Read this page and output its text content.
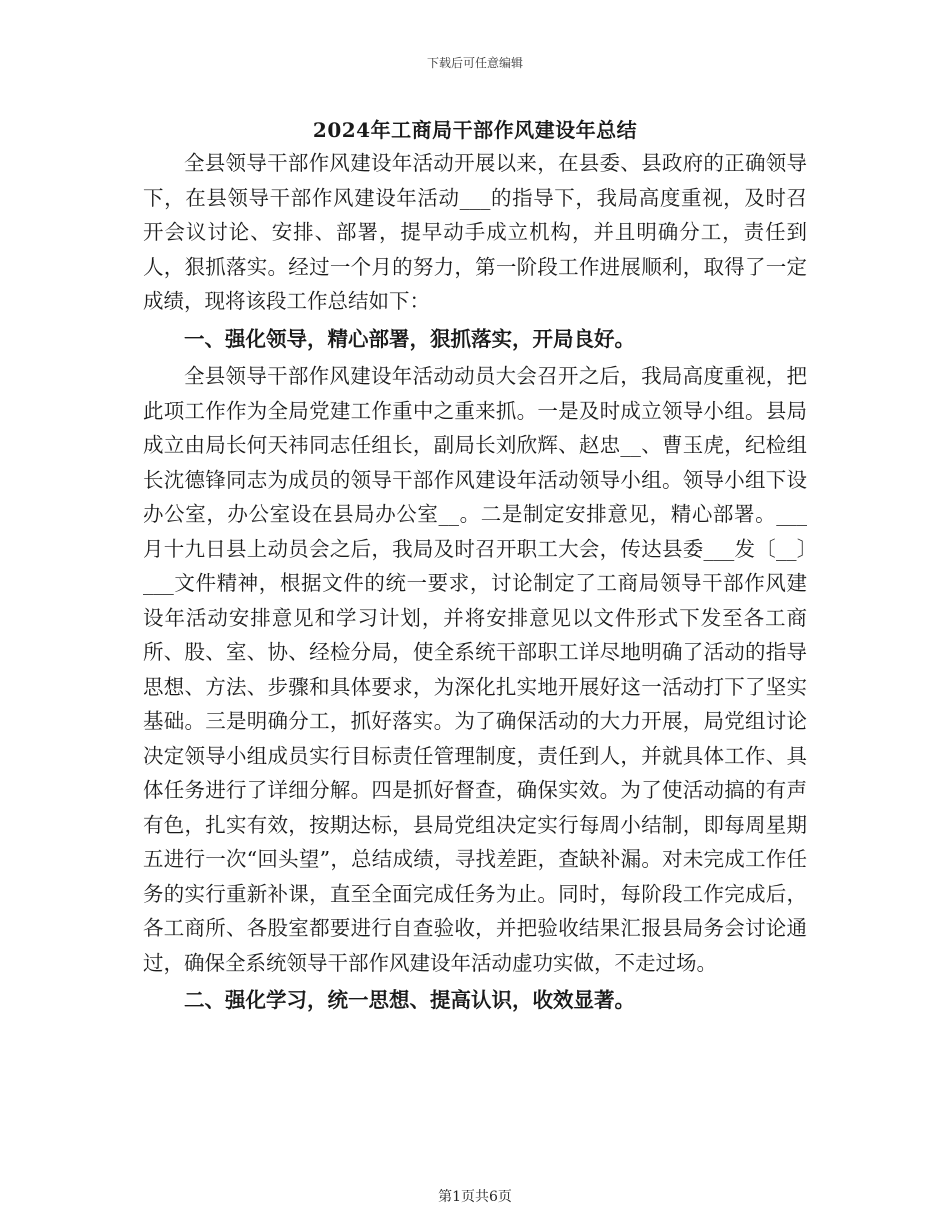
下载后可任意编辑
2024年工商局干部作风建设年总结

全县领导干部作风建设年活动开展以来，在县委、县政府的正确领导下，在县领导干部作风建设年活动___的指导下，我局高度重视，及时召开会议讨论、安排、部署，提早动手成立机构，并且明确分工，责任到人，狠抓落实。经过一个月的努力，第一阶段工作进展顺利，取得了一定成绩，现将该段工作总结如下：

一、强化领导，精心部署，狠抓落实，开局良好。

全县领导干部作风建设年活动动员大会召开之后，我局高度重视，把此项工作作为全局党建工作重中之重来抓。一是及时成立领导小组。县局成立由局长何天祎同志任组长，副局长刘欣辉、赵忠__、曹玉虎，纪检组长沈德锋同志为成员的领导干部作风建设年活动领导小组。领导小组下设办公室，办公室设在县局办公室__。二是制定安排意见，精心部署。___月十九日县上动员会之后，我局及时召开职工大会，传达县委___发〔__〕___文件精神，根据文件的统一要求，讨论制定了工商局领导干部作风建设年活动安排意见和学习计划，并将安排意见以文件形式下发至各工商所、股、室、协、经检分局，使全系统干部职工详尽地明确了活动的指导思想、方法、步骤和具体要求，为深化扎实地开展好这一活动打下了坚实基础。三是明确分工，抓好落实。为了确保活动的大力开展，局党组讨论决定领导小组成员实行目标责任管理制度，责任到人，并就具体工作、具体任务进行了详细分解。四是抓好督查，确保实效。为了使活动搞的有声有色，扎实有效，按期达标，县局党组决定实行每周小结制，即每周星期五进行一次“回头望”，总结成绩，寻找差距，查缺补漏。对未完成工作任务的实行重新补课，直至全面完成任务为止。同时，每阶段工作完成后，各工商所、各股室都要进行自查验收，并把验收结果汇报县局务会讨论通过，确保全系统领导干部作风建设年活动虚功实做，不走过场。

二、强化学习，统一思想、提高认识，收效显著。

第1页共6页
